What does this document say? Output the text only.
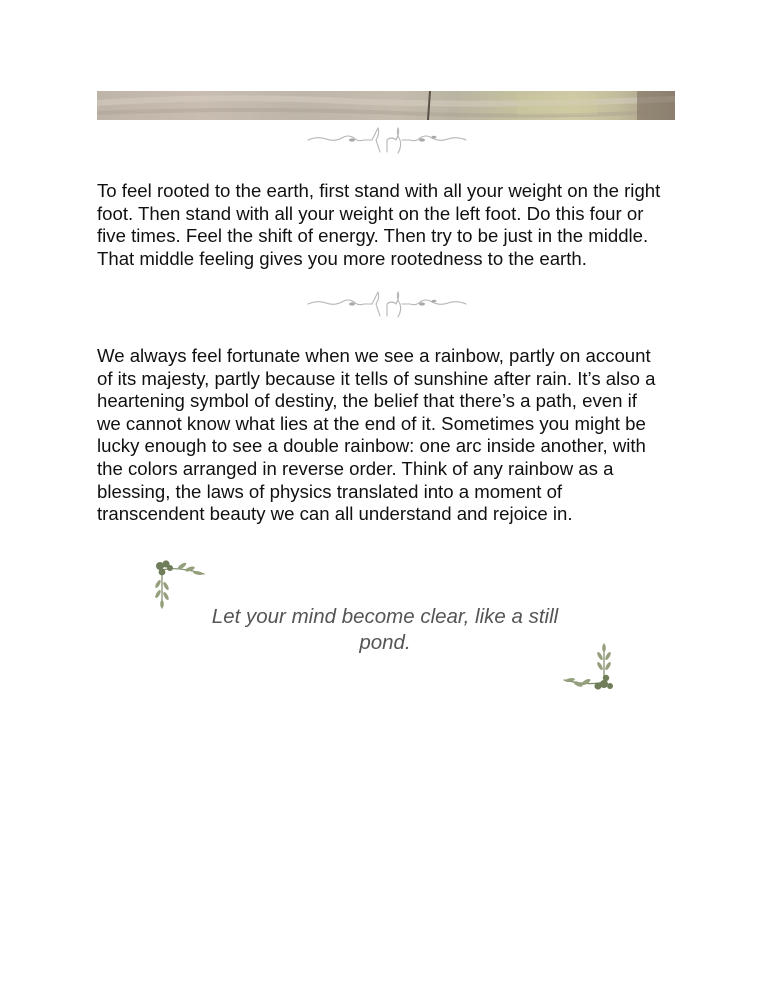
To feel rooted to the earth, first stand with all your weight on the right
foot. Then stand with all your weight on the left foot. Do this four or
five times. Feel the shift of energy. Then try to be just in the middle.
That middle feeling gives you more rootedness to the earth.

We always feel fortunate when we see a rainbow, partly on account
of its majesty, partly because it tells of sunshine after rain. It’s also a
heartening symbol of destiny, the belief that there’s a path, even if
we cannot know what lies at the end of it. Sometimes you might be
lucky enough to see a double rainbow: one arc inside another, with
the colors arranged in reverse order. Think of any rainbow as a
blessing, the laws of physics translated into a moment of
transcendent beauty we can all understand and rejoice in.

Let your mind become clear, like a still
pond.
